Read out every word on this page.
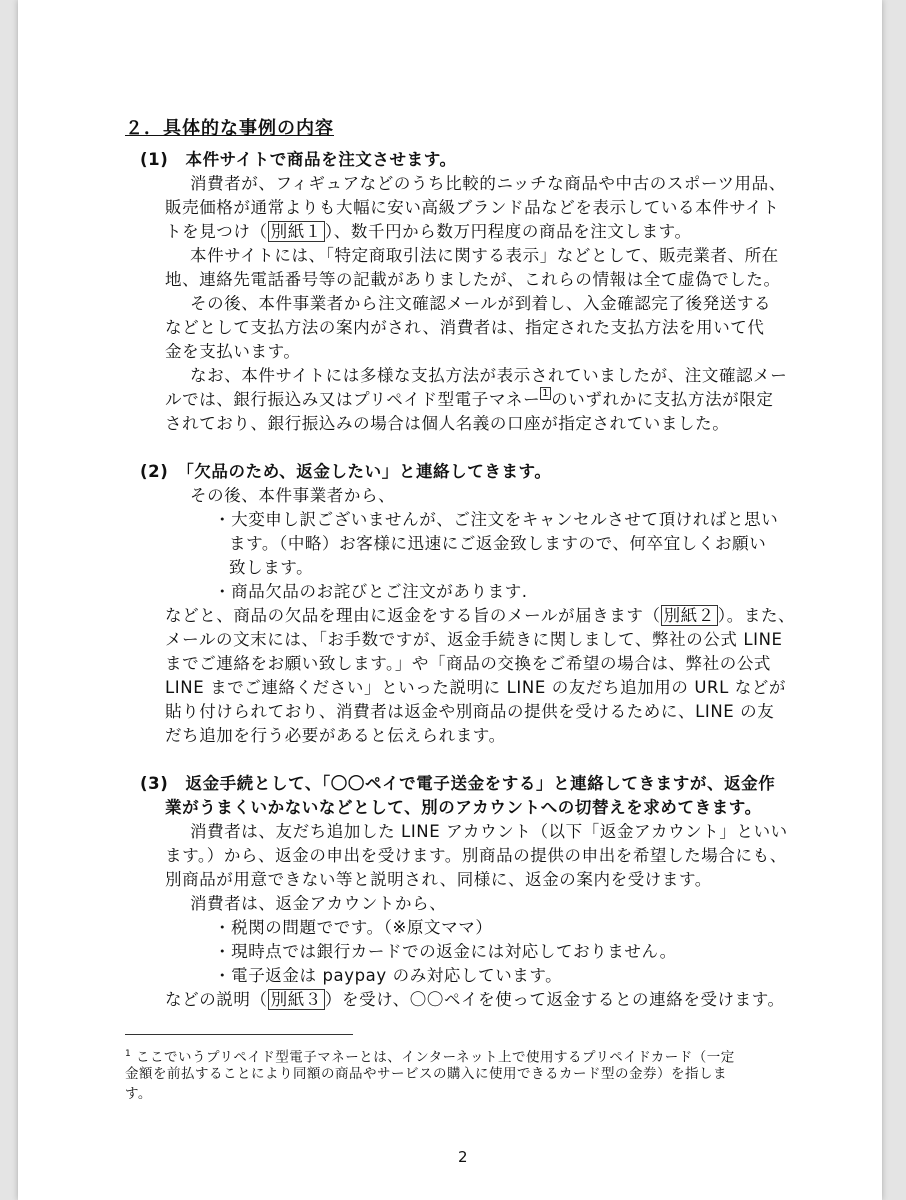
２．具体的な事例の内容
(1)　本件サイトで商品を注文させます。
消費者が、フィギュアなどのうち比較的ニッチな商品や中古のスポーツ用品、
販売価格が通常よりも大幅に安い高級ブランド品などを表示している本件サイト
トを見つけ（ 別紙１ ）、数千円から数万円程度の商品を注文します。
本件サイトには、「特定商取引法に関する表示」などとして、販売業者、所在
地、連絡先電話番号等の記載がありましたが、これらの情報は全て虚偽でした。
その後、本件事業者から注文確認メールが到着し、入金確認完了後発送する
などとして支払方法の案内がされ、消費者は、指定された支払方法を用いて代
金を支払います。
なお、本件サイトには多様な支払方法が表示されていましたが、注文確認メー
ルでは、銀行振込み又はプリペイド型電子マネー $^1$ のいずれかに支払方法が限定
されており、銀行振込みの場合は個人名義の口座が指定されていました。
(2)　「欠品のため、返金したい」と連絡してきます。
その後、本件事業者から、
・大変申し訳ございませんが、ご注文をキャンセルさせて頂ければと思い
ます。（中略）お客様に迅速にご返金致しますので、何卒宜しくお願い
致します。
・商品欠品のお詫びとご注文があります.
などと、商品の欠品を理由に返金をする旨のメールが届きます（ 別紙２ ）。また、
メールの文末には、「お手数ですが、返金手続きに関しまして、弊社の公式 LINE
までご連絡をお願い致します。」や「商品の交換をご希望の場合は、弊社の公式
LINE までご連絡ください」といった説明に LINE の友だち追加用の URL などが
貼り付けられており、消費者は返金や別商品の提供を受けるために、LINE の友
だち追加を行う必要があると伝えられます。
(3)　返金手続として、「〇〇ペイで電子送金をする」と連絡してきますが、返金作
業がうまくいかないなどとして、別のアカウントへの切替えを求めてきます。
消費者は、友だち追加した LINE アカウント（以下「返金アカウント」といい
ます。）から、返金の申出を受けます。別商品の提供の申出を希望した場合にも、
別商品が用意できない等と説明され、同様に、返金の案内を受けます。
消費者は、返金アカウントから、
・税関の問題でです。（※原文ママ）
・現時点では銀行カードでの返金には対応しておりません。
・電子返金は paypay のみ対応しています。
などの説明（ 別紙３ ）を受け、〇〇ペイを使って返金するとの連絡を受けます。
$^1$ ここでいうプリペイド型電子マネーとは、インターネット上で使用するプリペイドカード（一定
金額を前払することにより同額の商品やサービスの購入に使用できるカード型の金券）を指しま
す。
2
